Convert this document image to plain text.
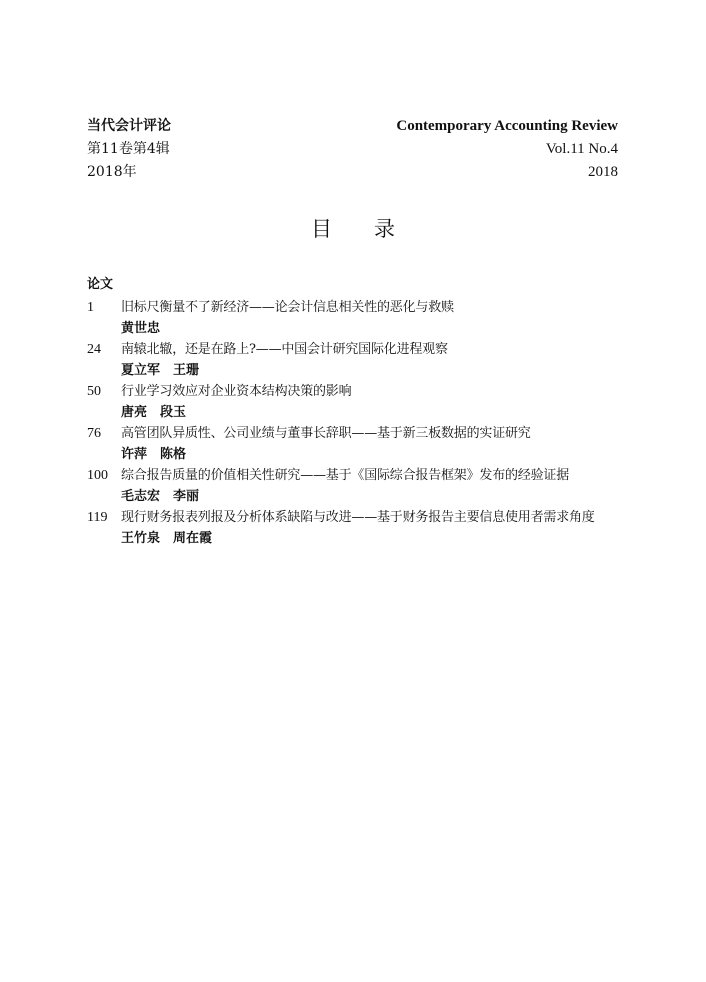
当代会计评论	Contemporary Accounting Review
第11卷第4辑	Vol.11 No.4
2018年	2018
目录
论文
1	旧标尺衡量不了新经济——论会计信息相关性的恶化与救赎
黄世忠
24	南辕北辙，还是在路上?——中国会计研究国际化进程观察
夏立军　王珊
50	行业学习效应对企业资本结构决策的影响
唐亮　段玉
76	高管团队异质性、公司业绩与董事长辞职——基于新三板数据的实证研究
许萍　陈格
100	综合报告质量的价值相关性研究——基于《国际综合报告框架》发布的经验证据
毛志宏　李丽
119	现行财务报表列报及分析体系缺陷与改进——基于财务报告主要信息使用者需求角度
王竹泉　周在霞
